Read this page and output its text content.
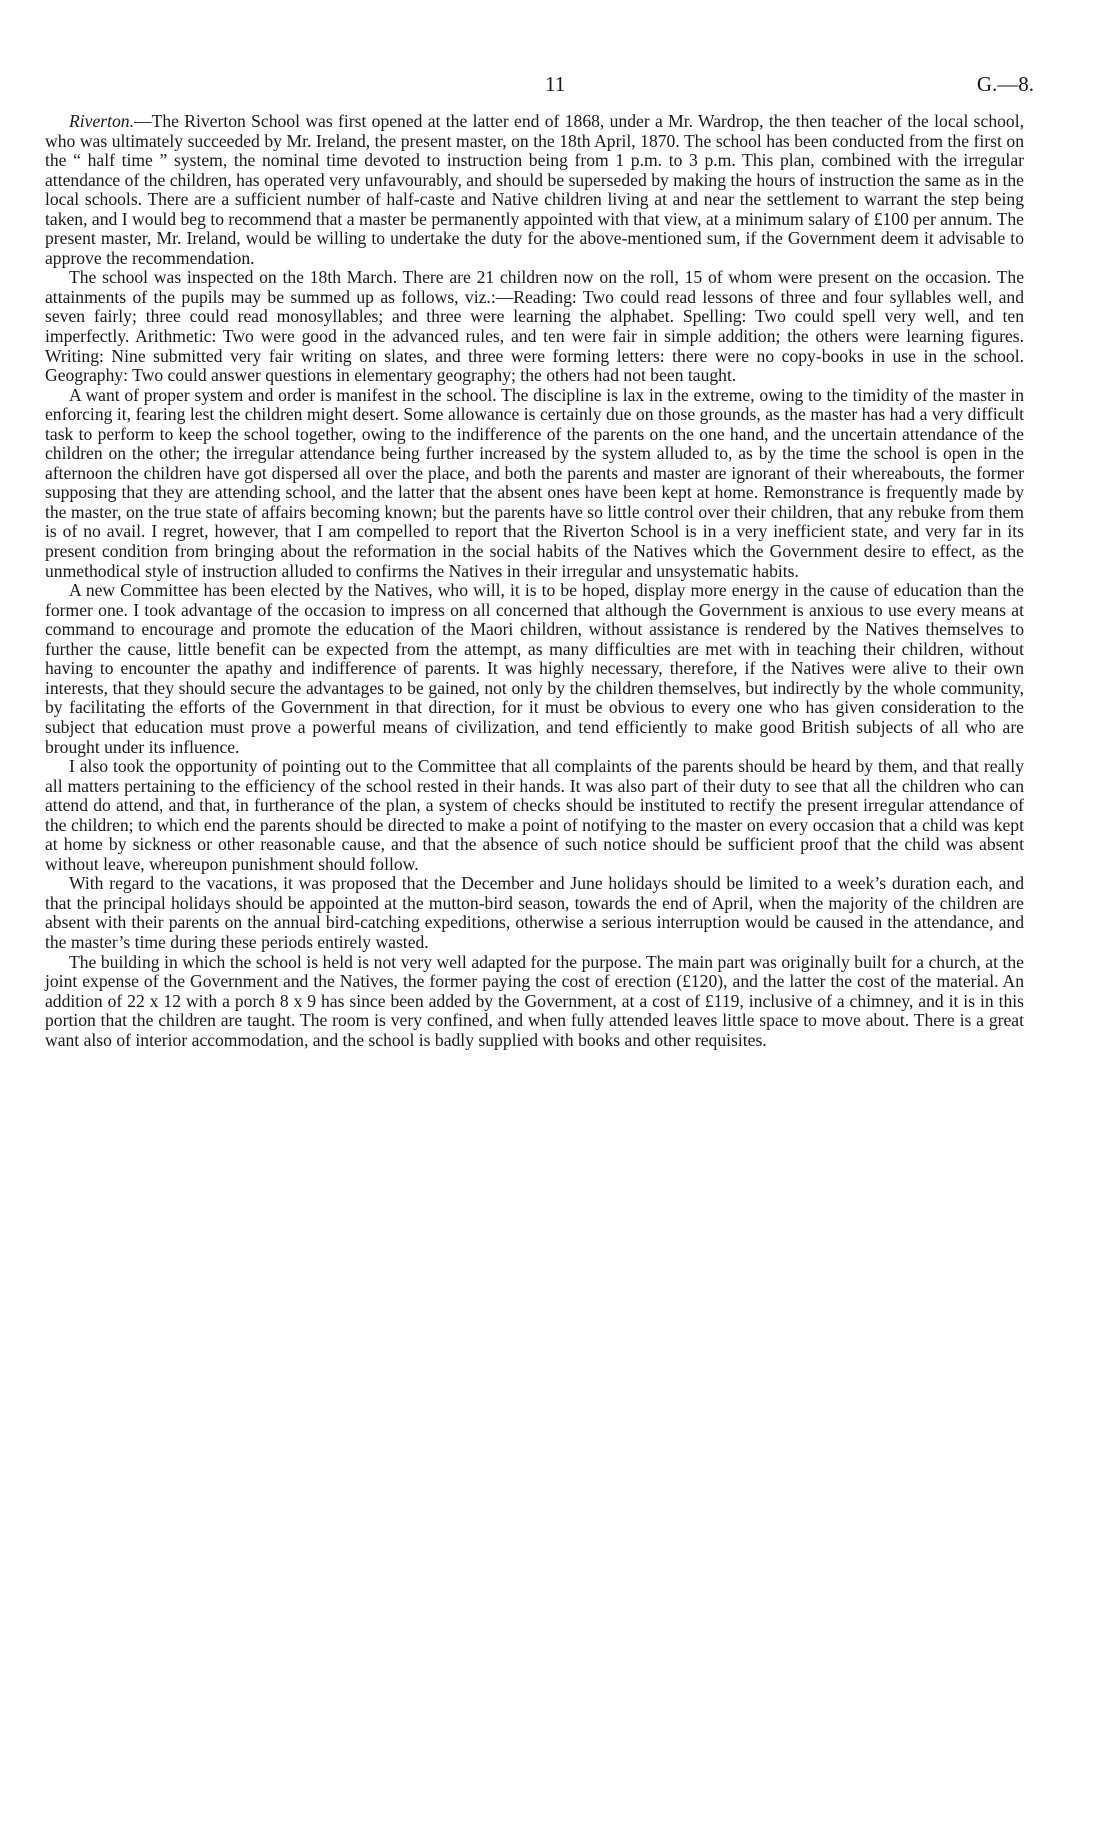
11	G.—8.

Riverton.—The Riverton School was first opened at the latter end of 1868, under a Mr. Wardrop, the then teacher of the local school, who was ultimately succeeded by Mr. Ireland, the present master, on the 18th April, 1870. The school has been conducted from the first on the “ half time ” system, the nominal time devoted to instruction being from 1 p.m. to 3 p.m. This plan, combined with the irregular attendance of the children, has operated very unfavourably, and should be superseded by making the hours of instruction the same as in the local schools. There are a sufficient number of half-caste and Native children living at and near the settlement to warrant the step being taken, and I would beg to recommend that a master be permanently appointed with that view, at a minimum salary of £100 per annum. The present master, Mr. Ireland, would be willing to undertake the duty for the above-mentioned sum, if the Government deem it advisable to approve the recommendation.

The school was inspected on the 18th March. There are 21 children now on the roll, 15 of whom were present on the occasion. The attainments of the pupils may be summed up as follows, viz.:—Reading: Two could read lessons of three and four syllables well, and seven fairly; three could read monosyllables; and three were learning the alphabet. Spelling: Two could spell very well, and ten imperfectly. Arithmetic: Two were good in the advanced rules, and ten were fair in simple addition; the others were learning figures. Writing: Nine submitted very fair writing on slates, and three were forming letters: there were no copy-books in use in the school. Geography: Two could answer questions in elementary geography; the others had not been taught.

A want of proper system and order is manifest in the school. The discipline is lax in the extreme, owing to the timidity of the master in enforcing it, fearing lest the children might desert. Some allowance is certainly due on those grounds, as the master has had a very difficult task to perform to keep the school together, owing to the indifference of the parents on the one hand, and the uncertain attendance of the children on the other; the irregular attendance being further increased by the system alluded to, as by the time the school is open in the afternoon the children have got dispersed all over the place, and both the parents and master are ignorant of their whereabouts, the former supposing that they are attending school, and the latter that the absent ones have been kept at home. Remonstrance is frequently made by the master, on the true state of affairs becoming known; but the parents have so little control over their children, that any rebuke from them is of no avail. I regret, however, that I am compelled to report that the Riverton School is in a very inefficient state, and very far in its present condition from bringing about the reformation in the social habits of the Natives which the Government desire to effect, as the unmethodical style of instruction alluded to confirms the Natives in their irregular and unsystematic habits.

A new Committee has been elected by the Natives, who will, it is to be hoped, display more energy in the cause of education than the former one. I took advantage of the occasion to impress on all concerned that although the Government is anxious to use every means at command to encourage and promote the education of the Maori children, without assistance is rendered by the Natives themselves to further the cause, little benefit can be expected from the attempt, as many difficulties are met with in teaching their children, without having to encounter the apathy and indifference of parents. It was highly necessary, therefore, if the Natives were alive to their own interests, that they should secure the advantages to be gained, not only by the children themselves, but indirectly by the whole community, by facilitating the efforts of the Government in that direction, for it must be obvious to every one who has given consideration to the subject that education must prove a powerful means of civilization, and tend efficiently to make good British subjects of all who are brought under its influence.

I also took the opportunity of pointing out to the Committee that all complaints of the parents should be heard by them, and that really all matters pertaining to the efficiency of the school rested in their hands. It was also part of their duty to see that all the children who can attend do attend, and that, in furtherance of the plan, a system of checks should be instituted to rectify the present irregular attendance of the children; to which end the parents should be directed to make a point of notifying to the master on every occasion that a child was kept at home by sickness or other reasonable cause, and that the absence of such notice should be sufficient proof that the child was absent without leave, whereupon punishment should follow.

With regard to the vacations, it was proposed that the December and June holidays should be limited to a week’s duration each, and that the principal holidays should be appointed at the mutton-bird season, towards the end of April, when the majority of the children are absent with their parents on the annual bird-catching expeditions, otherwise a serious interruption would be caused in the attendance, and the master’s time during these periods entirely wasted.

The building in which the school is held is not very well adapted for the purpose. The main part was originally built for a church, at the joint expense of the Government and the Natives, the former paying the cost of erection (£120), and the latter the cost of the material. An addition of 22 x 12 with a porch 8 x 9 has since been added by the Government, at a cost of £119, inclusive of a chimney, and it is in this portion that the children are taught. The room is very confined, and when fully attended leaves little space to move about. There is a great want also of interior accommodation, and the school is badly supplied with books and other requisites.
